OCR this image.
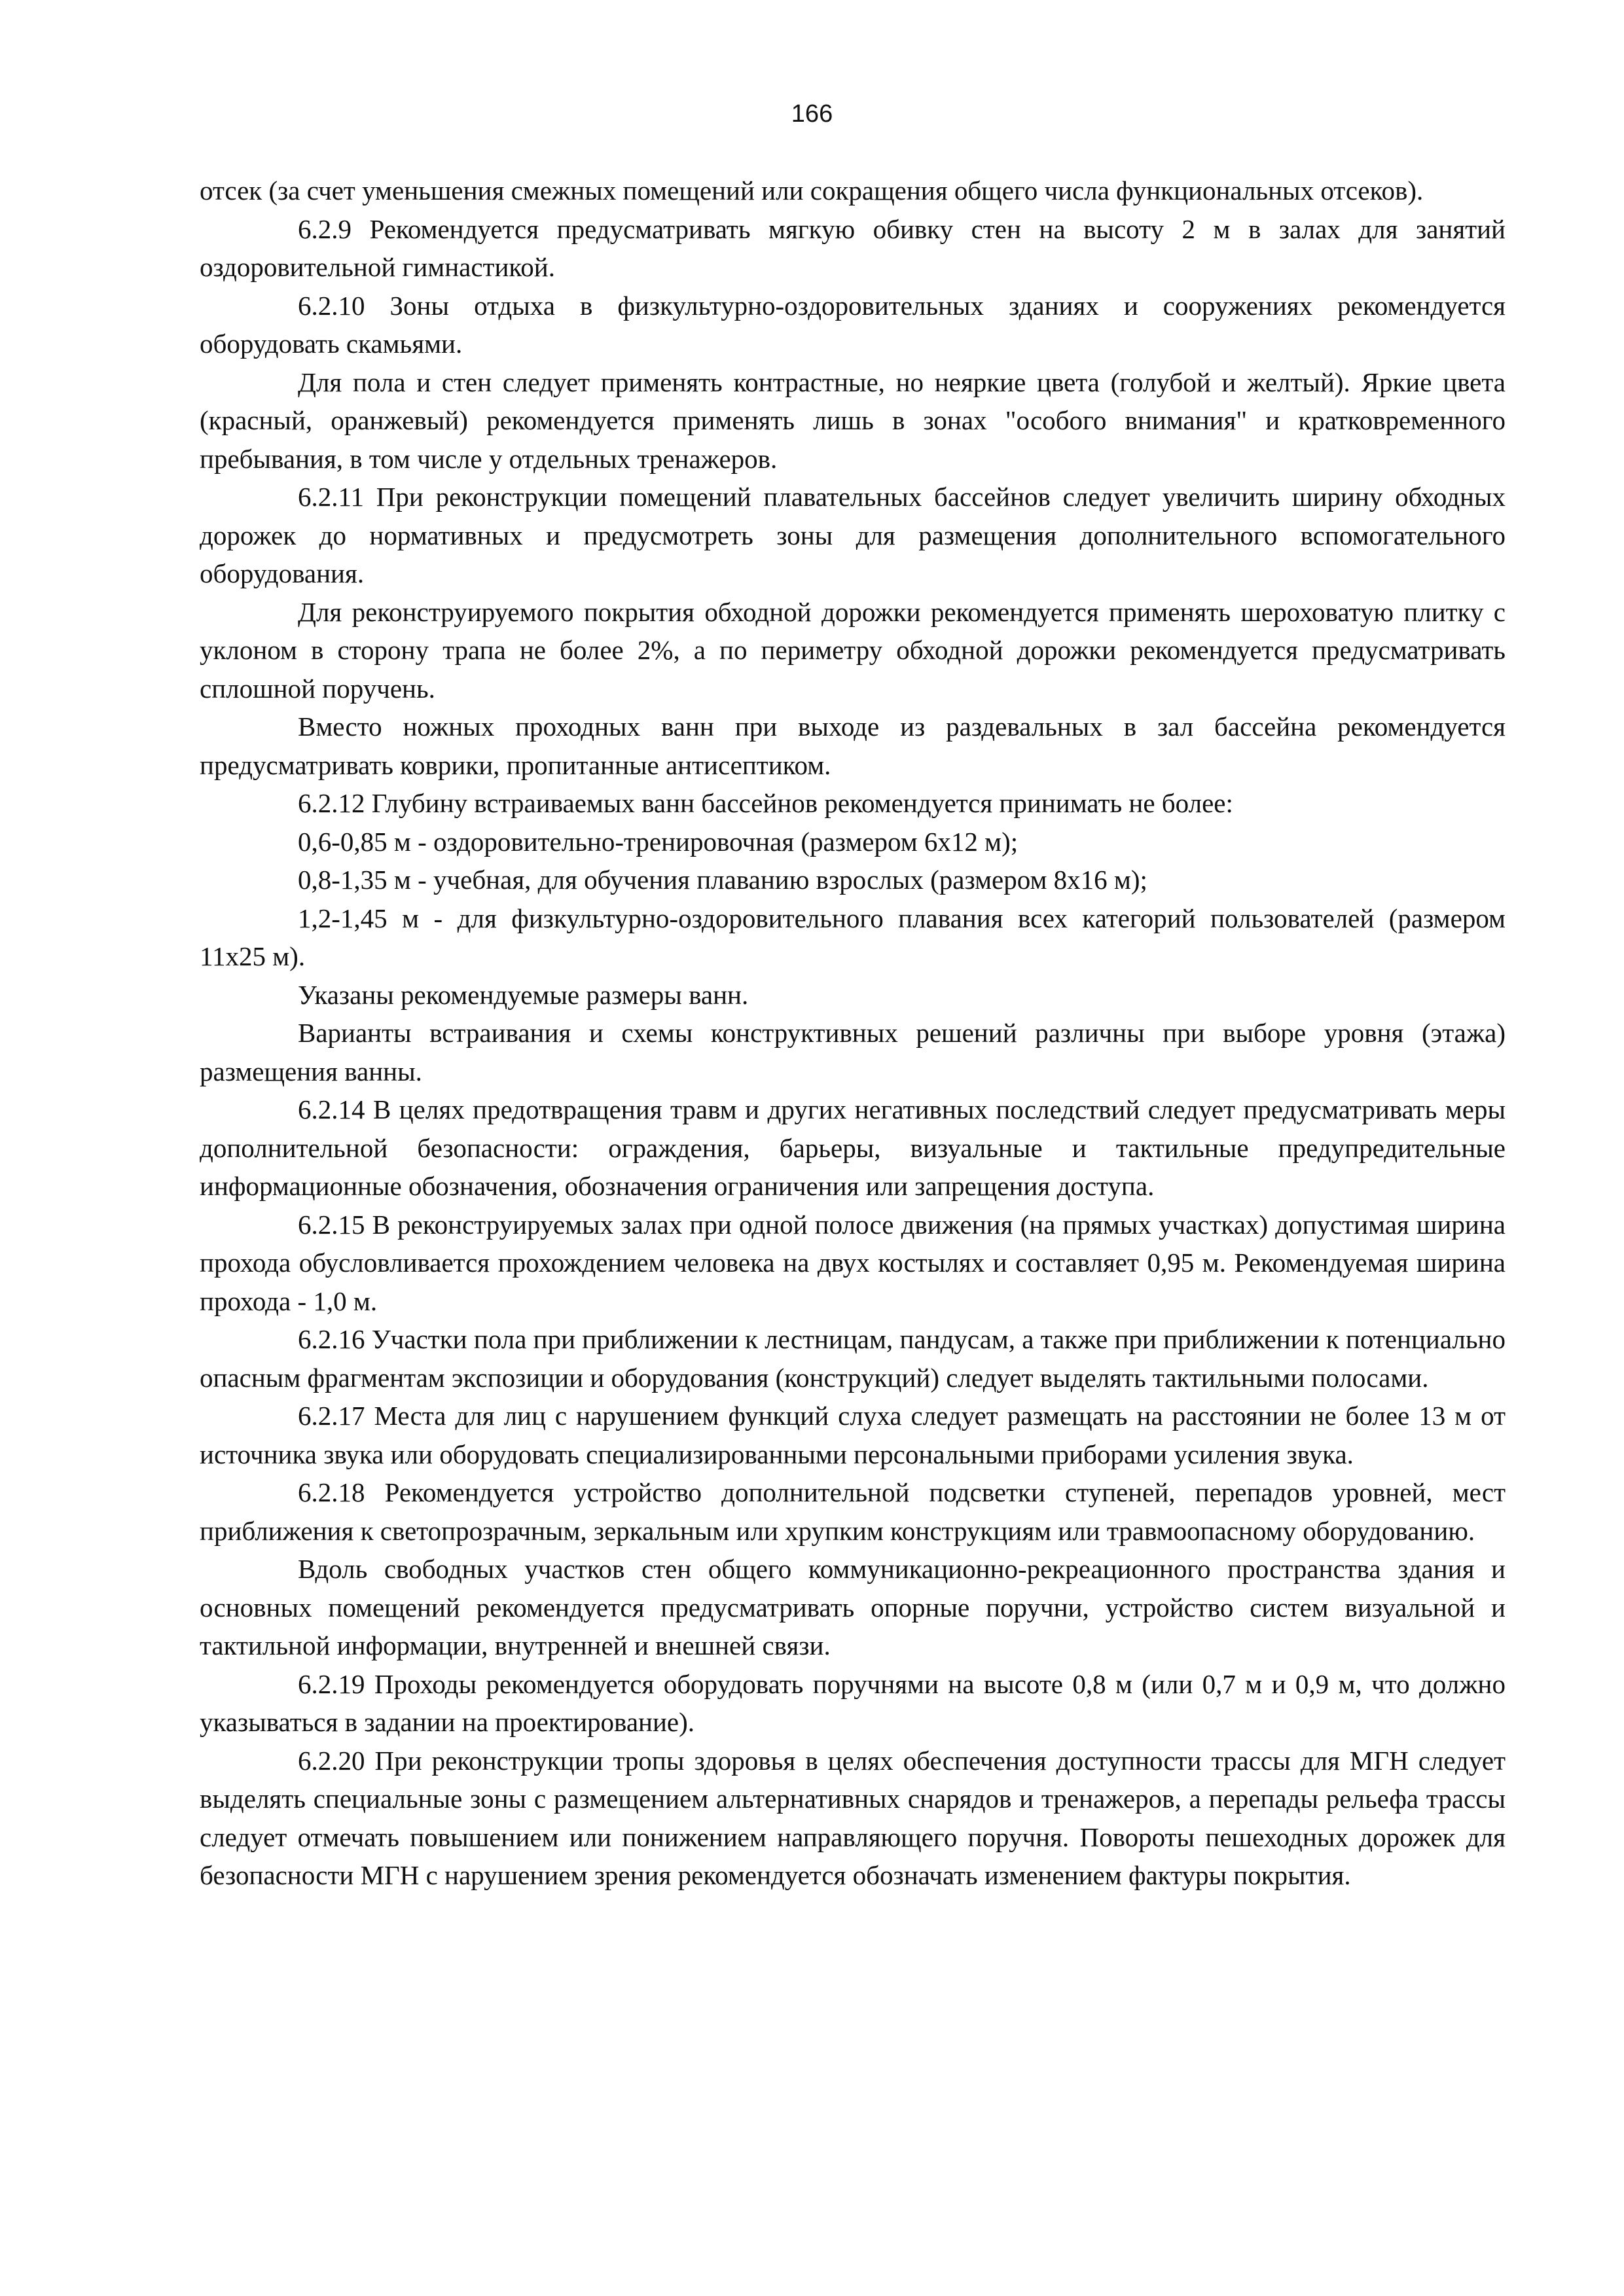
166

отсек (за счет уменьшения смежных помещений или сокращения общего числа функциональных отсеков).

6.2.9 Рекомендуется предусматривать мягкую обивку стен на высоту 2 м в залах для занятий оздоровительной гимнастикой.

6.2.10 Зоны отдыха в физкультурно-оздоровительных зданиях и сооружениях рекомендуется оборудовать скамьями.

Для пола и стен следует применять контрастные, но неяркие цвета (голубой и желтый). Яркие цвета (красный, оранжевый) рекомендуется применять лишь в зонах "особого внимания" и кратковременного пребывания, в том числе у отдельных тренажеров.

6.2.11 При реконструкции помещений плавательных бассейнов следует увеличить ширину обходных дорожек до нормативных и предусмотреть зоны для размещения дополнительного вспомогательного оборудования.

Для реконструируемого покрытия обходной дорожки рекомендуется применять шероховатую плитку с уклоном в сторону трапа не более 2%, а по периметру обходной дорожки рекомендуется предусматривать сплошной поручень.

Вместо ножных проходных ванн при выходе из раздевальных в зал бассейна рекомендуется предусматривать коврики, пропитанные антисептиком.

6.2.12 Глубину встраиваемых ванн бассейнов рекомендуется принимать не более:

0,6-0,85 м - оздоровительно-тренировочная (размером 6x12 м);

0,8-1,35 м - учебная, для обучения плаванию взрослых (размером 8x16 м);

1,2-1,45 м - для физкультурно-оздоровительного плавания всех категорий пользователей (размером 11x25 м).

Указаны рекомендуемые размеры ванн.

Варианты встраивания и схемы конструктивных решений различны при выборе уровня (этажа) размещения ванны.

6.2.14 В целях предотвращения травм и других негативных последствий следует предусматривать меры дополнительной безопасности: ограждения, барьеры, визуальные и тактильные предупредительные информационные обозначения, обозначения ограничения или запрещения доступа.

6.2.15 В реконструируемых залах при одной полосе движения (на прямых участках) допустимая ширина прохода обусловливается прохождением человека на двух костылях и составляет 0,95 м. Рекомендуемая ширина прохода - 1,0 м.

6.2.16 Участки пола при приближении к лестницам, пандусам, а также при приближении к потенциально опасным фрагментам экспозиции и оборудования (конструкций) следует выделять тактильными полосами.

6.2.17 Места для лиц с нарушением функций слуха следует размещать на расстоянии не более 13 м от источника звука или оборудовать специализированными персональными приборами усиления звука.

6.2.18 Рекомендуется устройство дополнительной подсветки ступеней, перепадов уровней, мест приближения к светопрозрачным, зеркальным или хрупким конструкциям или травмоопасному оборудованию.

Вдоль свободных участков стен общего коммуникационно-рекреационного пространства здания и основных помещений рекомендуется предусматривать опорные поручни, устройство систем визуальной и тактильной информации, внутренней и внешней связи.

6.2.19 Проходы рекомендуется оборудовать поручнями на высоте 0,8 м (или 0,7 м и 0,9 м, что должно указываться в задании на проектирование).

6.2.20 При реконструкции тропы здоровья в целях обеспечения доступности трассы для МГН следует выделять специальные зоны с размещением альтернативных снарядов и тренажеров, а перепады рельефа трассы следует отмечать повышением или понижением направляющего поручня. Повороты пешеходных дорожек для безопасности МГН с нарушением зрения рекомендуется обозначать изменением фактуры покрытия.
